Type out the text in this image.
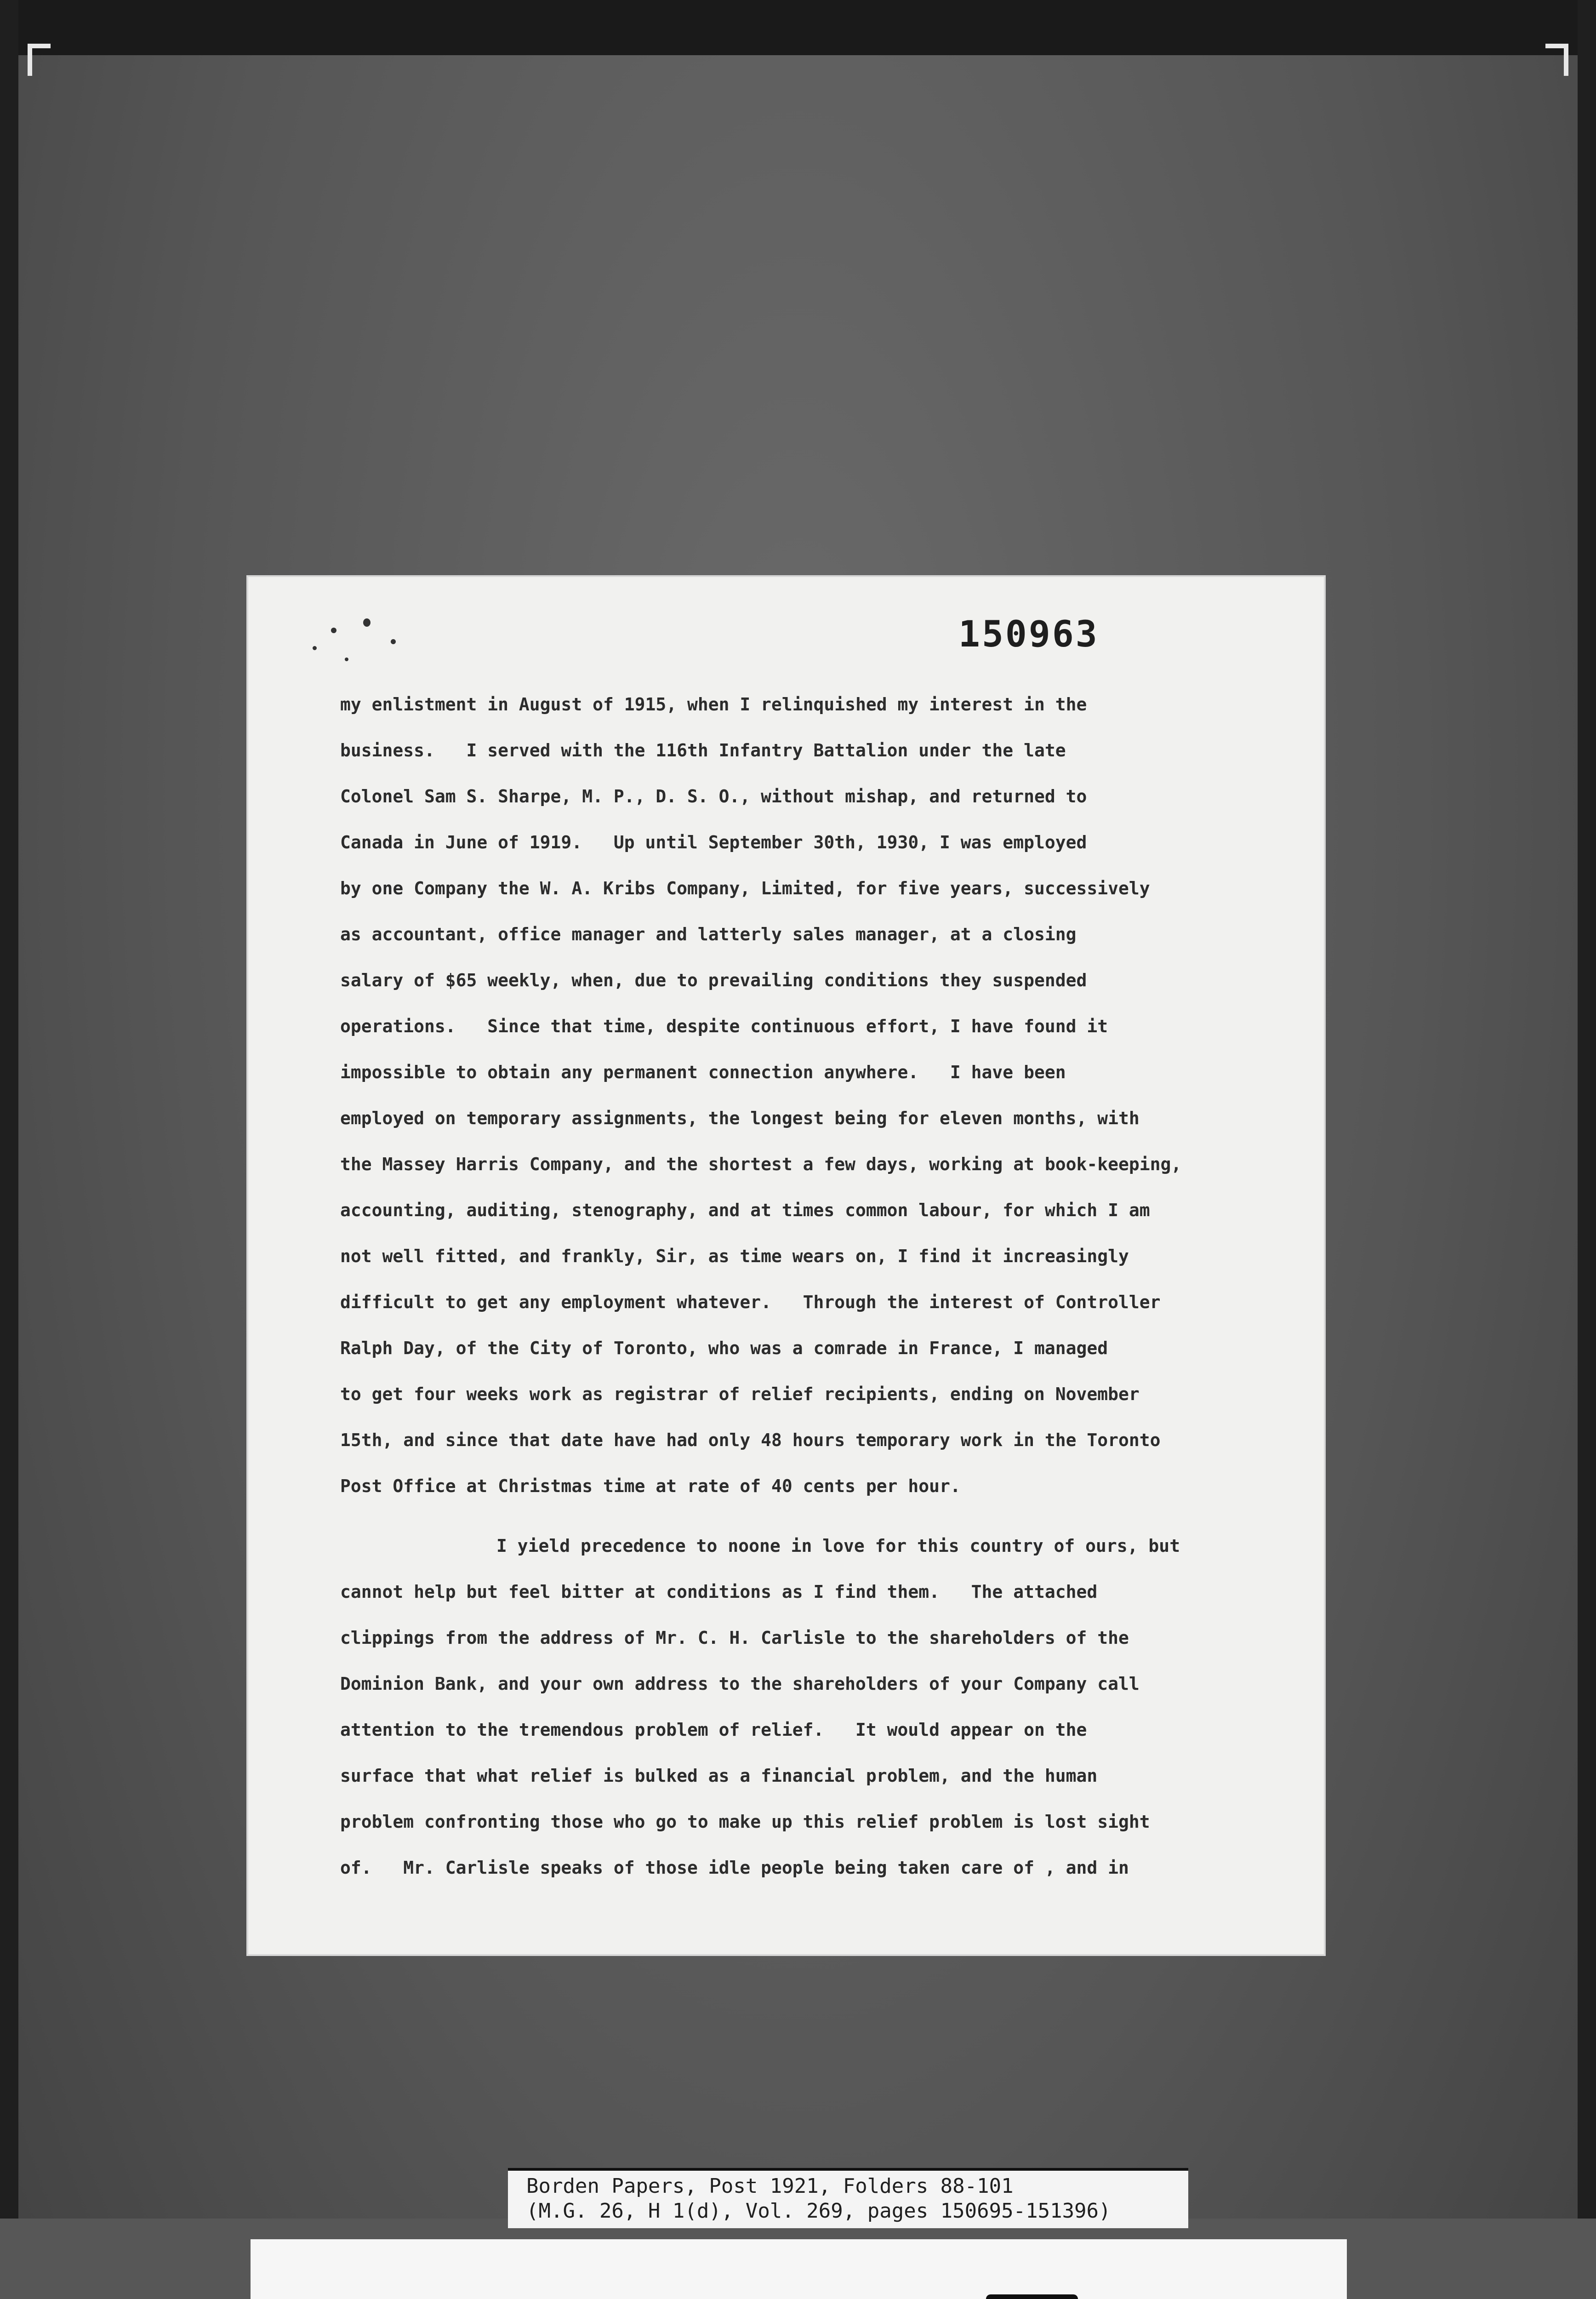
150963
my enlistment in August of 1915, when I relinquished my interest in the
business.   I served with the 116th Infantry Battalion under the late
Colonel Sam S. Sharpe, M. P., D. S. O., without mishap, and returned to
Canada in June of 1919.   Up until September 30th, 1930, I was employed
by one Company the W. A. Kribs Company, Limited, for five years, successively
as accountant, office manager and latterly sales manager, at a closing
salary of $65 weekly, when, due to prevailing conditions they suspended
operations.   Since that time, despite continuous effort, I have found it
impossible to obtain any permanent connection anywhere.   I have been
employed on temporary assignments, the longest being for eleven months, with
the Massey Harris Company, and the shortest a few days, working at book-keeping,
accounting, auditing, stenography, and at times common labour, for which I am
not well fitted, and frankly, Sir, as time wears on, I find it increasingly
difficult to get any employment whatever.   Through the interest of Controller
Ralph Day, of the City of Toronto, who was a comrade in France, I managed
to get four weeks work as registrar of relief recipients, ending on November
15th, and since that date have had only 48 hours temporary work in the Toronto
Post Office at Christmas time at rate of 40 cents per hour.
I yield precedence to noone in love for this country of ours, but
cannot help but feel bitter at conditions as I find them.   The attached
clippings from the address of Mr. C. H. Carlisle to the shareholders of the
Dominion Bank, and your own address to the shareholders of your Company call
attention to the tremendous problem of relief.   It would appear on the
surface that what relief is bulked as a financial problem, and the human
problem confronting those who go to make up this relief problem is lost sight
of.   Mr. Carlisle speaks of those idle people being taken care of , and in
Borden Papers, Post 1921, Folders 88-101
(M.G. 26, H 1(d), Vol. 269, pages 150695-151396)
